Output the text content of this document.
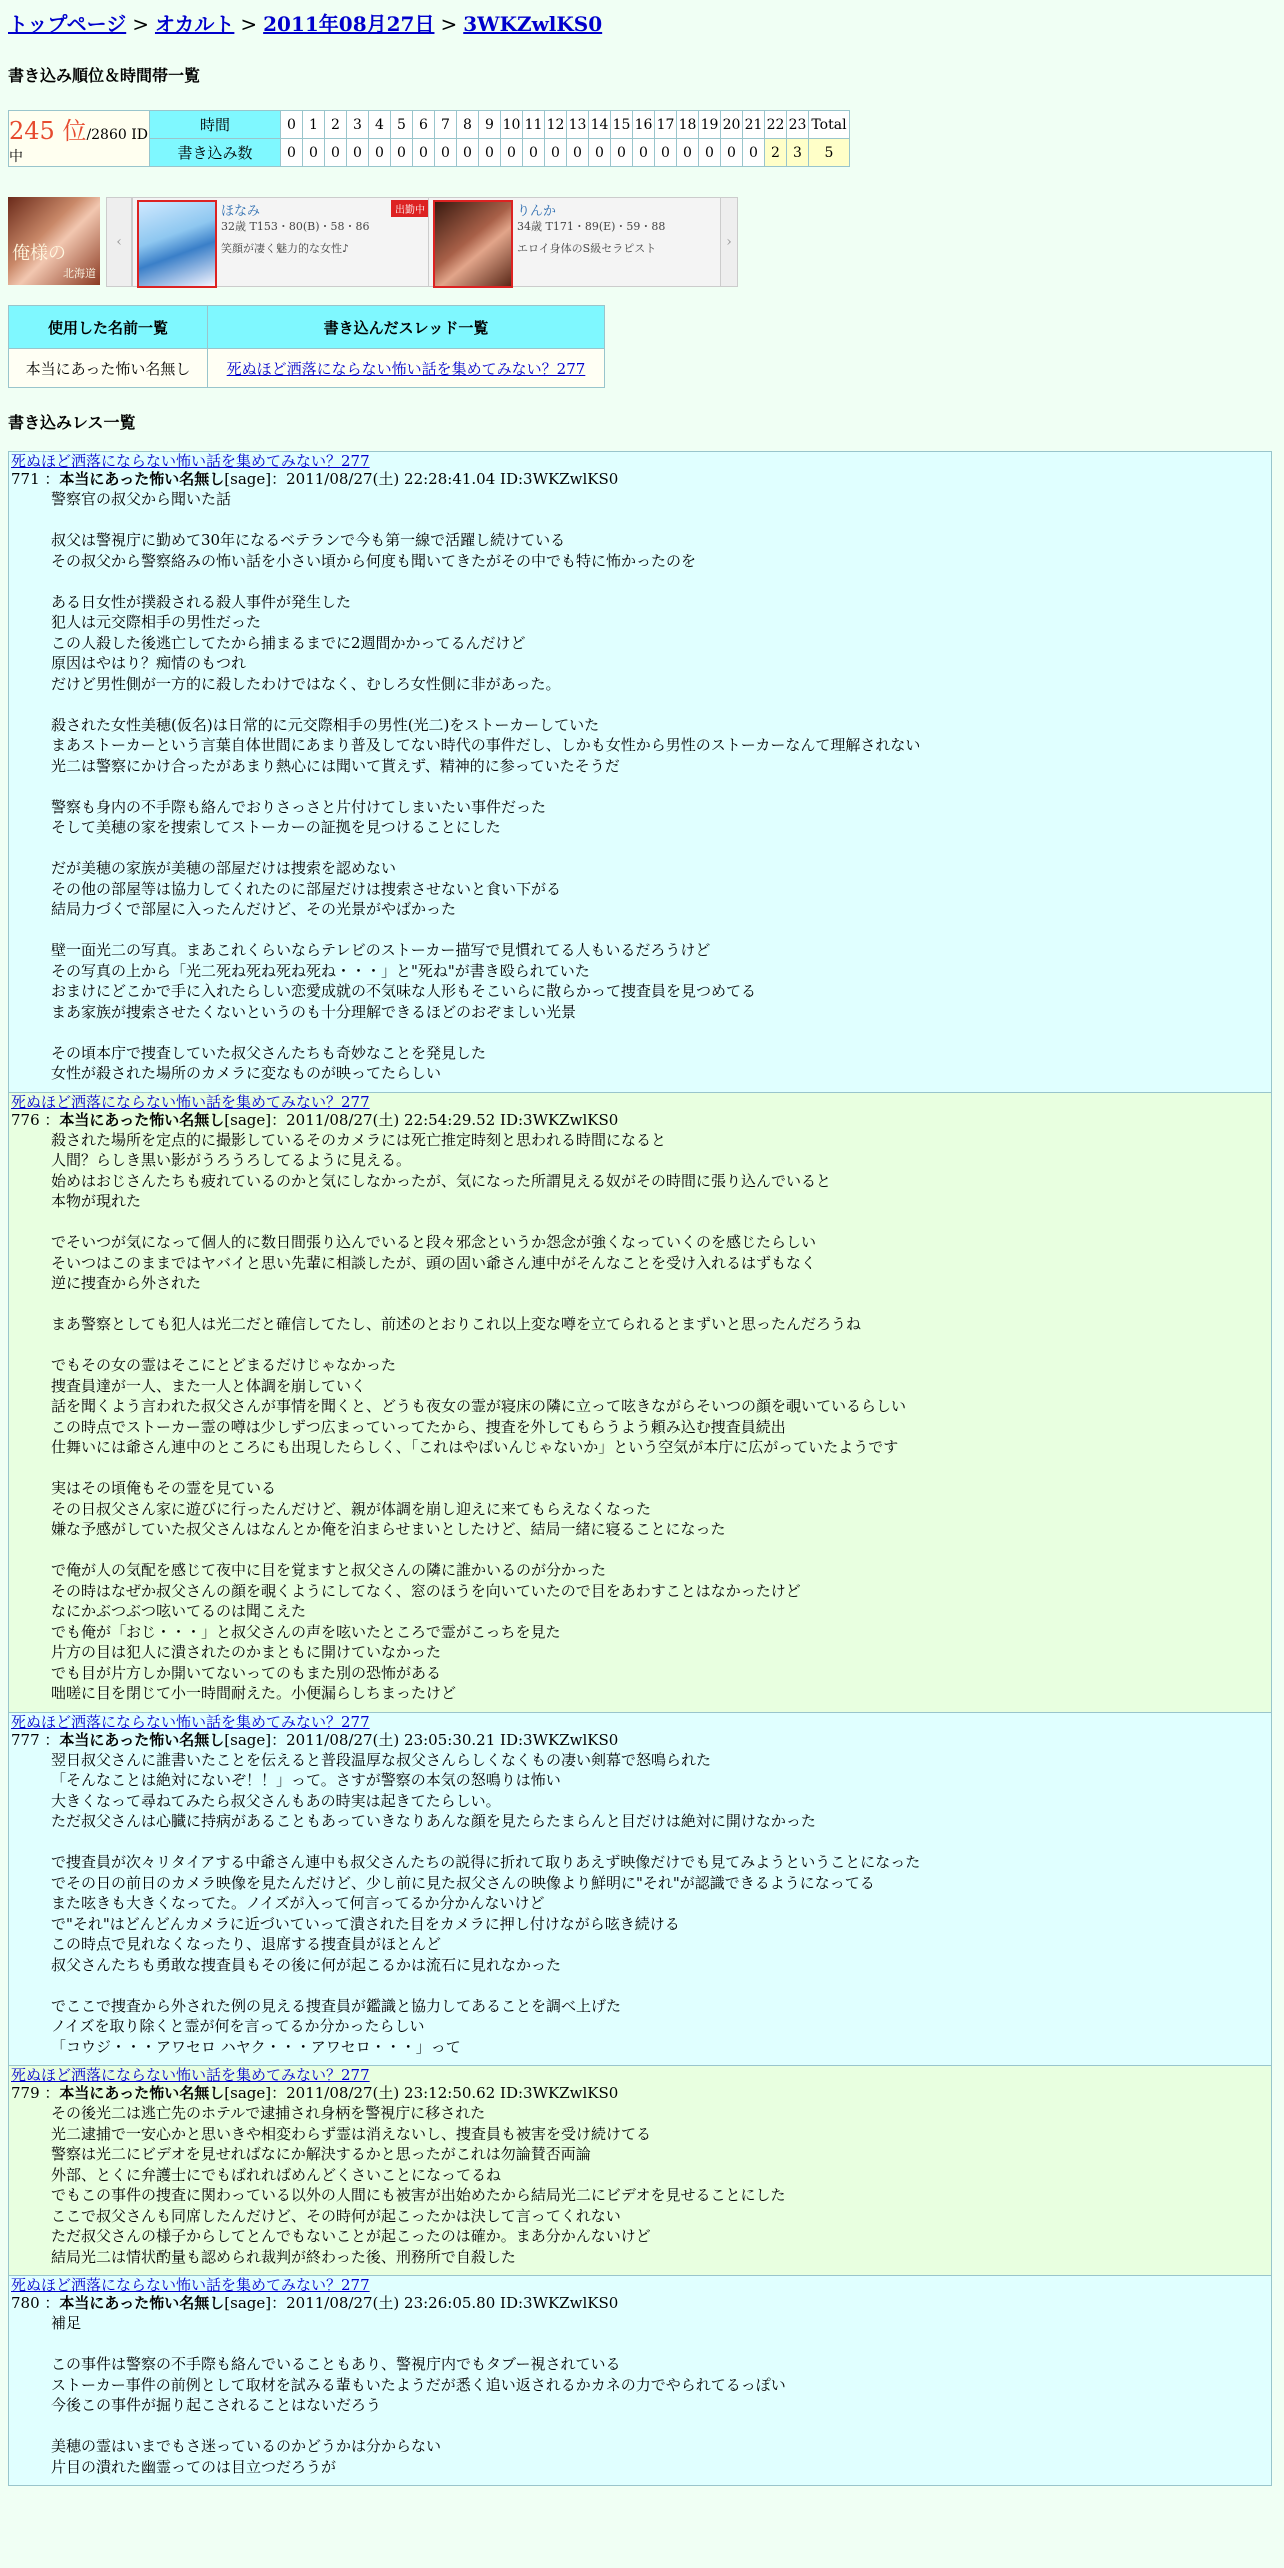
トップページ > オカルト > 2011年08月27日 > 3WKZwlKS0
書き込み順位＆時間帯一覧
245 位/2860 ID中	時間	0	1	2	3	4	5	6	7	8	9	10	11	12	13	14	15	16	17	18	19	20	21	22	23	Total
	書き込み数	0	0	0	0	0	0	0	0	0	0	0	0	0	0	0	0	0	0	0	0	0	0	2	3	5
俺様の
北海道
‹
ほなみ	出勤中
32歳 T153・80(B)・58・86
笑顔が凄く魅力的な女性♪
りんか
34歳 T171・89(E)・59・88
エロイ身体のS級セラピスト	›
使用した名前一覧	書き込んだスレッド一覧
本当にあった怖い名無し	死ぬほど洒落にならない怖い話を集めてみない？277
書き込みレス一覧
死ぬほど洒落にならない怖い話を集めてみない？277
771 ：本当にあった怖い名無し[sage]：2011/08/27(土) 22:28:41.04 ID:3WKZwlKS0

警察官の叔父から聞いた話

叔父は警視庁に勤めて30年になるベテランで今も第一線で活躍し続けている

その叔父から警察絡みの怖い話を小さい頃から何度も聞いてきたがその中でも特に怖かったのを

ある日女性が撲殺される殺人事件が発生した

犯人は元交際相手の男性だった

この人殺した後逃亡してたから捕まるまでに2週間かかってるんだけど

原因はやはり？痴情のもつれ

だけど男性側が一方的に殺したわけではなく、むしろ女性側に非があった。

殺された女性美穂(仮名)は日常的に元交際相手の男性(光二)をストーカーしていた

まあストーカーという言葉自体世間にあまり普及してない時代の事件だし、しかも女性から男性のストーカーなんて理解されない

光二は警察にかけ合ったがあまり熱心には聞いて貰えず、精神的に参っていたそうだ

警察も身内の不手際も絡んでおりさっさと片付けてしまいたい事件だった

そして美穂の家を捜索してストーカーの証拠を見つけることにした

だが美穂の家族が美穂の部屋だけは捜索を認めない

その他の部屋等は協力してくれたのに部屋だけは捜索させないと食い下がる

結局力づくで部屋に入ったんだけど、その光景がやばかった

壁一面光二の写真。まあこれくらいならテレビのストーカー描写で見慣れてる人もいるだろうけど

その写真の上から「光二死ね死ね死ね死ね・・・」と"死ね"が書き殴られていた

おまけにどこかで手に入れたらしい恋愛成就の不気味な人形もそこいらに散らかって捜査員を見つめてる

まあ家族が捜索させたくないというのも十分理解できるほどのおぞましい光景

その頃本庁で捜査していた叔父さんたちも奇妙なことを発見した

女性が殺された場所のカメラに変なものが映ってたらしい

死ぬほど洒落にならない怖い話を集めてみない？277
776 ：本当にあった怖い名無し[sage]：2011/08/27(土) 22:54:29.52 ID:3WKZwlKS0

殺された場所を定点的に撮影しているそのカメラには死亡推定時刻と思われる時間になると

人間？らしき黒い影がうろうろしてるように見える。

始めはおじさんたちも疲れているのかと気にしなかったが、気になった所謂見える奴がその時間に張り込んでいると

本物が現れた

でそいつが気になって個人的に数日間張り込んでいると段々邪念というか怨念が強くなっていくのを感じたらしい

そいつはこのままではヤバイと思い先輩に相談したが、頭の固い爺さん連中がそんなことを受け入れるはずもなく

逆に捜査から外された

まあ警察としても犯人は光二だと確信してたし、前述のとおりこれ以上変な噂を立てられるとまずいと思ったんだろうね

でもその女の霊はそこにとどまるだけじゃなかった

捜査員達が一人、また一人と体調を崩していく

話を聞くよう言われた叔父さんが事情を聞くと、どうも夜女の霊が寝床の隣に立って呟きながらそいつの顔を覗いているらしい

この時点でストーカー霊の噂は少しずつ広まっていってたから、捜査を外してもらうよう頼み込む捜査員続出

仕舞いには爺さん連中のところにも出現したらしく、「これはやばいんじゃないか」という空気が本庁に広がっていたようです

実はその頃俺もその霊を見ている

その日叔父さん家に遊びに行ったんだけど、親が体調を崩し迎えに来てもらえなくなった

嫌な予感がしていた叔父さんはなんとか俺を泊まらせまいとしたけど、結局一緒に寝ることになった

で俺が人の気配を感じて夜中に目を覚ますと叔父さんの隣に誰かいるのが分かった

その時はなぜか叔父さんの顔を覗くようにしてなく、窓のほうを向いていたので目をあわすことはなかったけど

なにかぶつぶつ呟いてるのは聞こえた

でも俺が「おじ・・・」と叔父さんの声を呟いたところで霊がこっちを見た

片方の目は犯人に潰されたのかまともに開けていなかった

でも目が片方しか開いてないってのもまた別の恐怖がある

咄嗟に目を閉じて小一時間耐えた。小便漏らしちまったけど

死ぬほど洒落にならない怖い話を集めてみない？277
777 ：本当にあった怖い名無し[sage]：2011/08/27(土) 23:05:30.21 ID:3WKZwlKS0

翌日叔父さんに誰書いたことを伝えると普段温厚な叔父さんらしくなくもの凄い剣幕で怒鳴られた

「そんなことは絶対にないぞ！！」って。さすが警察の本気の怒鳴りは怖い

大きくなって尋ねてみたら叔父さんもあの時実は起きてたらしい。

ただ叔父さんは心臓に持病があることもあっていきなりあんな顔を見たらたまらんと目だけは絶対に開けなかった

で捜査員が次々リタイアする中爺さん連中も叔父さんたちの説得に折れて取りあえず映像だけでも見てみようということになった

でその日の前日のカメラ映像を見たんだけど、少し前に見た叔父さんの映像より鮮明に"それ"が認識できるようになってる

また呟きも大きくなってた。ノイズが入って何言ってるか分かんないけど

で"それ"はどんどんカメラに近づいていって潰された目をカメラに押し付けながら呟き続ける

この時点で見れなくなったり、退席する捜査員がほとんど

叔父さんたちも勇敢な捜査員もその後に何が起こるかは流石に見れなかった

でここで捜査から外された例の見える捜査員が鑑識と協力してあることを調べ上げた

ノイズを取り除くと霊が何を言ってるか分かったらしい

「コウジ・・・アワセロ ハヤク・・・アワセロ・・・」って

死ぬほど洒落にならない怖い話を集めてみない？277
779 ：本当にあった怖い名無し[sage]：2011/08/27(土) 23:12:50.62 ID:3WKZwlKS0

その後光二は逃亡先のホテルで逮捕され身柄を警視庁に移された

光二逮捕で一安心かと思いきや相変わらず霊は消えないし、捜査員も被害を受け続けてる

警察は光二にビデオを見せればなにか解決するかと思ったがこれは勿論賛否両論

外部、とくに弁護士にでもばれればめんどくさいことになってるね

でもこの事件の捜査に関わっている以外の人間にも被害が出始めたから結局光二にビデオを見せることにした

ここで叔父さんも同席したんだけど、その時何が起こったかは決して言ってくれない

ただ叔父さんの様子からしてとんでもないことが起こったのは確か。まあ分かんないけど

結局光二は情状酌量も認められ裁判が終わった後、刑務所で自殺した

死ぬほど洒落にならない怖い話を集めてみない？277
780 ：本当にあった怖い名無し[sage]：2011/08/27(土) 23:26:05.80 ID:3WKZwlKS0

補足

この事件は警察の不手際も絡んでいることもあり、警視庁内でもタブー視されている

ストーカー事件の前例として取材を試みる輩もいたようだが悉く追い返されるかカネの力でやられてるっぽい

今後この事件が掘り起こされることはないだろう

美穂の霊はいまでもさ迷っているのかどうかは分からない

片目の潰れた幽霊ってのは目立つだろうが
